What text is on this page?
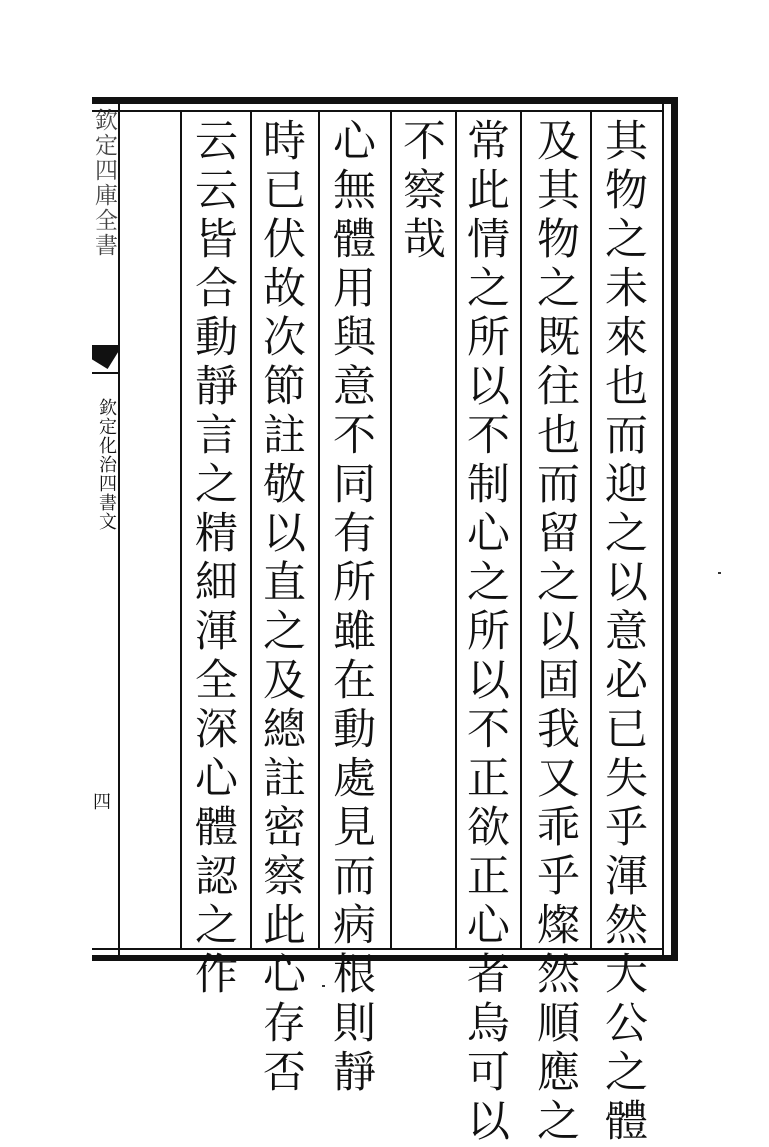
欽定四庫全書
欽定化治四書文
四	其物之未來也而迎之以意必已失乎渾然大公之體
及其物之既往也而留之以固我又乖乎燦然順應之
常此情之所以不制心之所以不正欲正心者烏可以
不察哉
心無體用與意不同有所雖在動處見而病根則靜
時已伏故次節註敬以直之及總註密察此心存否
云云皆合動靜言之精細渾全深心體認之作
